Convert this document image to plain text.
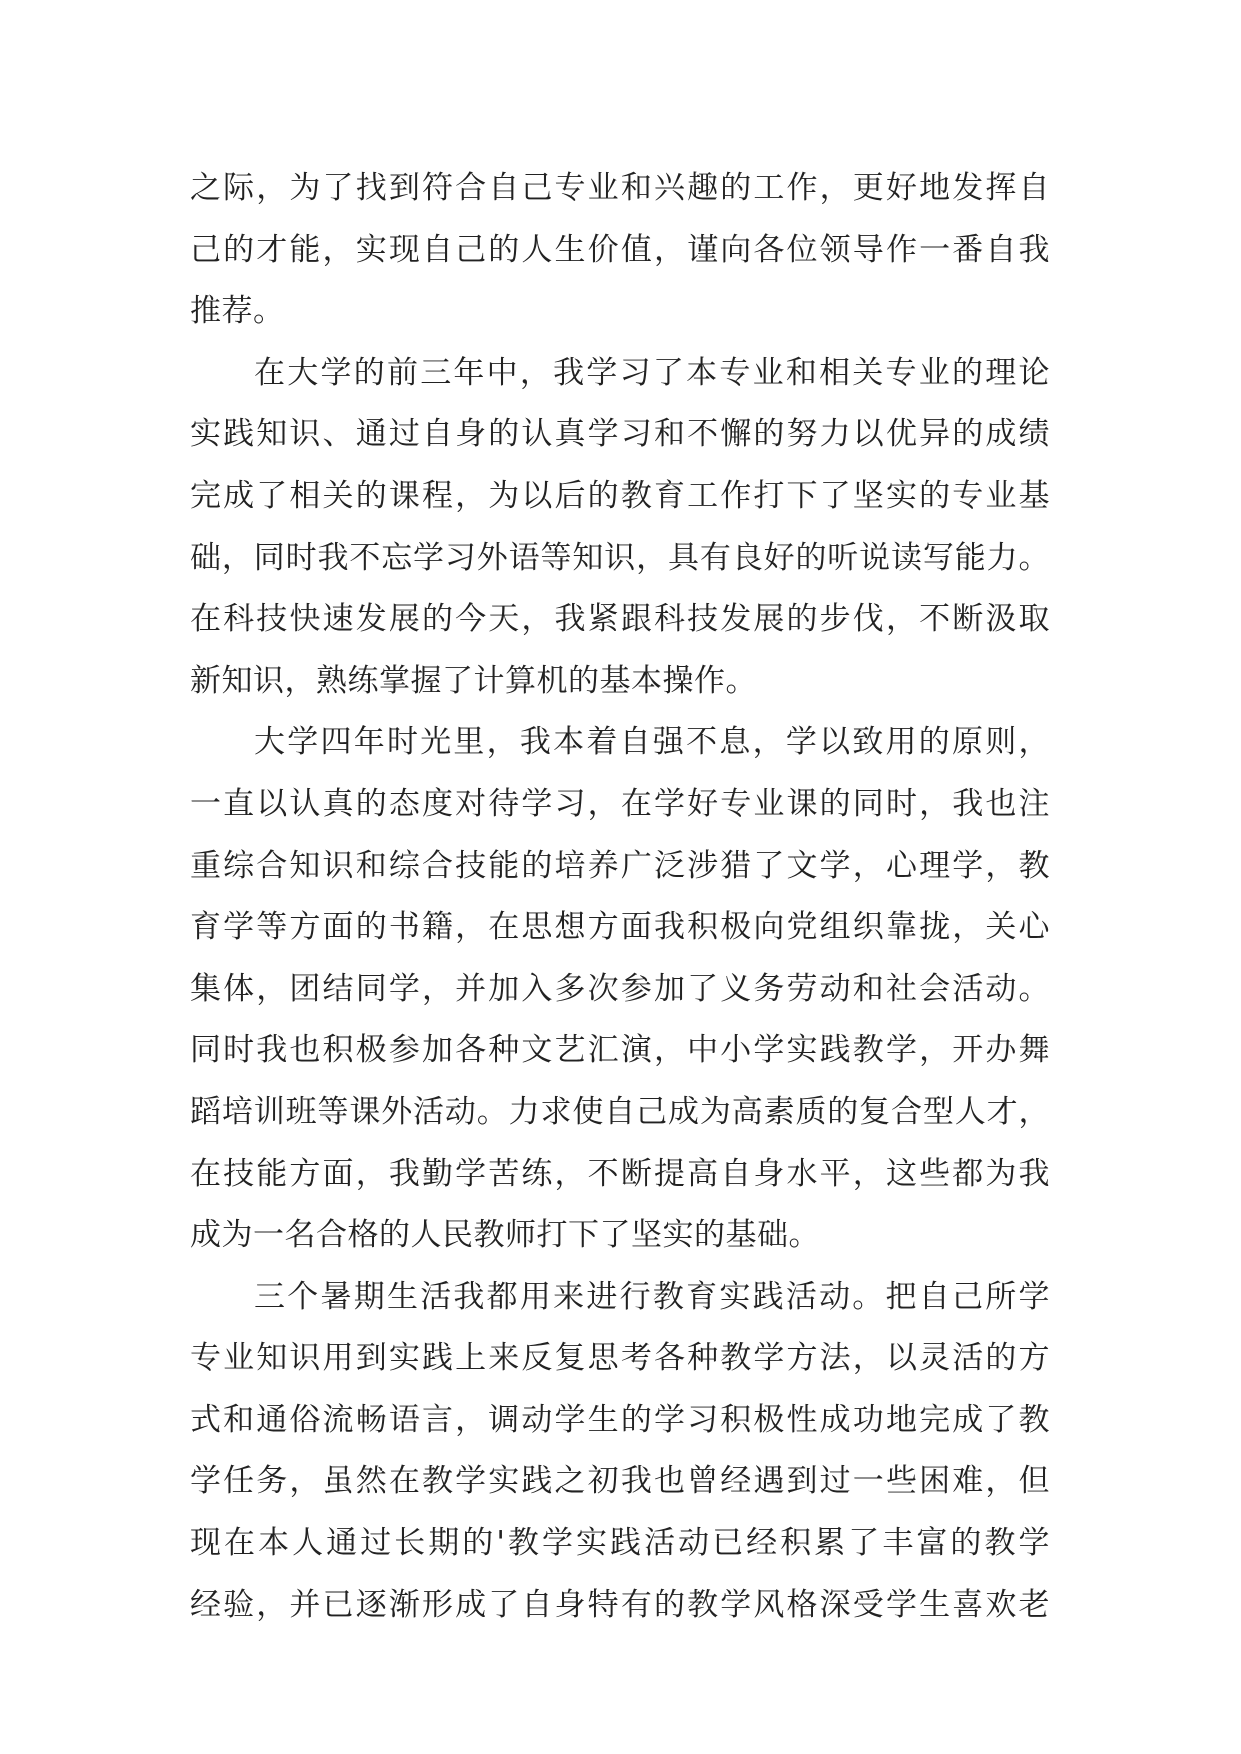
之际，为了找到符合自己专业和兴趣的工作，更好地发挥自
己的才能，实现自己的人生价值，谨向各位领导作一番自我
推荐。
在大学的前三年中，我学习了本专业和相关专业的理论
实践知识、通过自身的认真学习和不懈的努力以优异的成绩
完成了相关的课程，为以后的教育工作打下了坚实的专业基
础，同时我不忘学习外语等知识，具有良好的听说读写能力。
在科技快速发展的今天，我紧跟科技发展的步伐，不断汲取
新知识，熟练掌握了计算机的基本操作。
大学四年时光里，我本着自强不息，学以致用的原则，
一直以认真的态度对待学习，在学好专业课的同时，我也注
重综合知识和综合技能的培养广泛涉猎了文学，心理学，教
育学等方面的书籍，在思想方面我积极向党组织靠拢，关心
集体，团结同学，并加入多次参加了义务劳动和社会活动。
同时我也积极参加各种文艺汇演，中小学实践教学，开办舞
蹈培训班等课外活动。力求使自己成为高素质的复合型人才，
在技能方面，我勤学苦练，不断提高自身水平，这些都为我
成为一名合格的人民教师打下了坚实的基础。
三个暑期生活我都用来进行教育实践活动。把自己所学
专业知识用到实践上来反复思考各种教学方法，以灵活的方
式和通俗流畅语言，调动学生的学习积极性成功地完成了教
学任务，虽然在教学实践之初我也曾经遇到过一些困难，但
现在本人通过长期的'教学实践活动已经积累了丰富的教学
经验，并已逐渐形成了自身特有的教学风格深受学生喜欢老
